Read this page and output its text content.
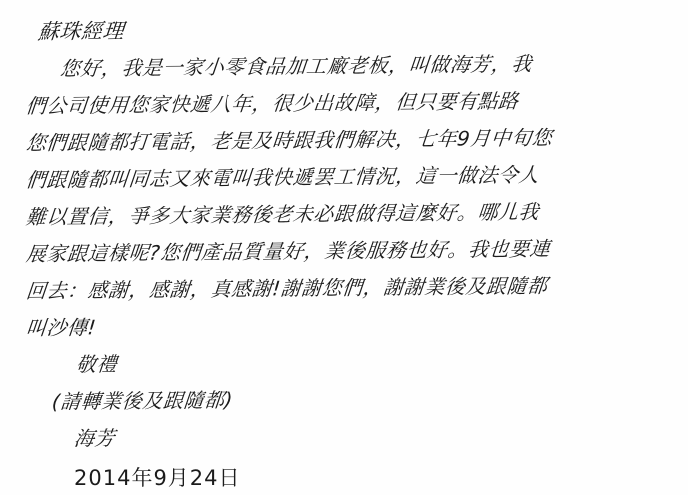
蘇珠經理
您好，我是一家小零食品加工廠老板，叫做海芳，我
們公司使用您家快遞八年，很少出故障，但只要有點路
您們跟隨都打電話，老是及時跟我們解决，七年9月中旬您
們跟隨都叫同志又來電叫我快遞罢工情況，這一做法令人
難以置信，爭多大家業務後老未必跟做得這麼好。哪儿我
展家跟這樣呢?您們產品質量好，業後服務也好。我也要連
回去：感謝，感謝，真感謝!謝謝您們，謝謝業後及跟隨都
叫沙傳!
敬禮
(請轉業後及跟隨都)
海芳
2014年9月24日
